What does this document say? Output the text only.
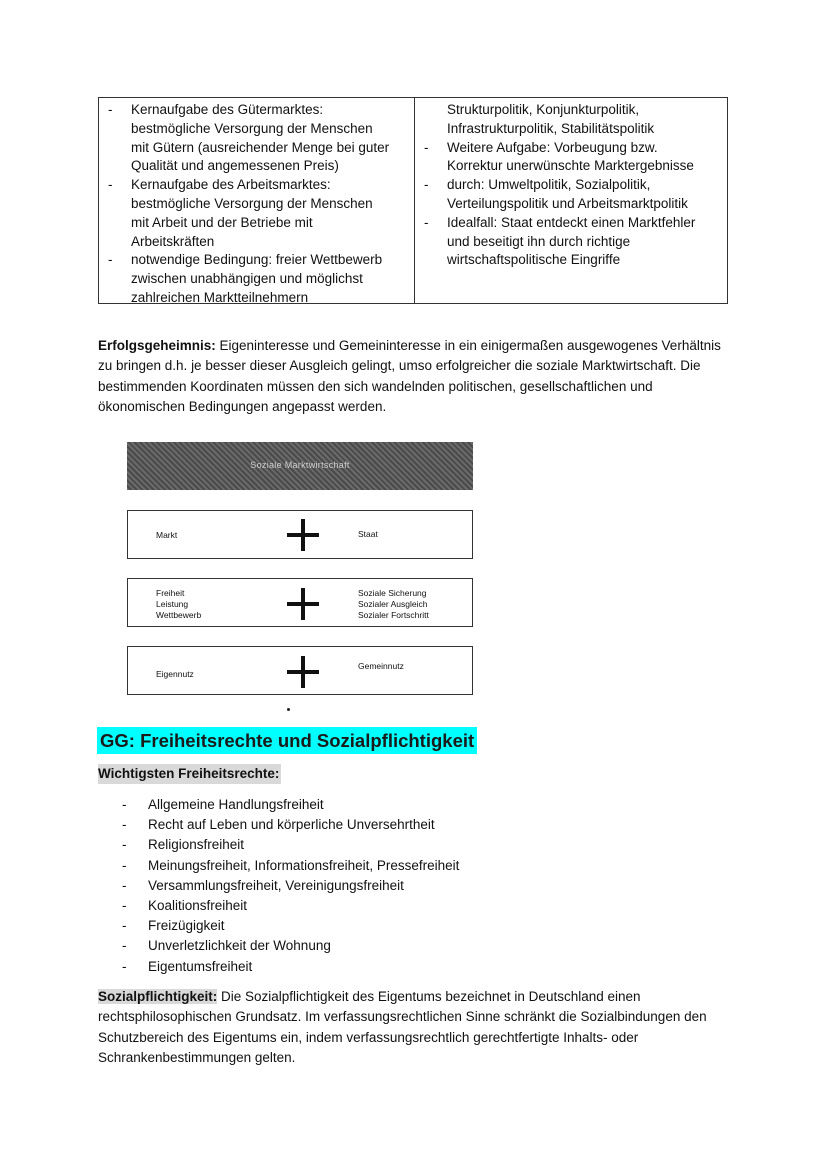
- Kernaufgabe des Gütermarktes:
bestmögliche Versorgung der Menschen
mit Gütern (ausreichender Menge bei guter
Qualität und angemessenen Preis)
- Kernaufgabe des Arbeitsmarktes:
bestmögliche Versorgung der Menschen
mit Arbeit und der Betriebe mit
Arbeitskräften
- notwendige Bedingung: freier Wettbewerb
zwischen unabhängigen und möglichst
zahlreichen Marktteilnehmern
Strukturpolitik, Konjunkturpolitik,
Infrastrukturpolitik, Stabilitätspolitik
- Weitere Aufgabe: Vorbeugung bzw.
Korrektur unerwünschte Marktergebnisse
- durch: Umweltpolitik, Sozialpolitik,
Verteilungspolitik und Arbeitsmarktpolitik
- Idealfall: Staat entdeckt einen Marktfehler
und beseitigt ihn durch richtige
wirtschaftspolitische Eingriffe
Erfolgsgeheimnis: Eigeninteresse und Gemeininteresse in ein einigermaßen ausgewogenes Verhältnis zu bringen d.h. je besser dieser Ausgleich gelingt, umso erfolgreicher die soziale Marktwirtschaft. Die bestimmenden Koordinaten müssen den sich wandelnden politischen, gesellschaftlichen und ökonomischen Bedingungen angepasst werden.
Soziale Marktwirtschaft
Markt	Staat
Freiheit
Leistung
Wettbewerb
Soziale Sicherung
Sozialer Ausgleich
Sozialer Fortschritt
Eigennutz
Gemeinnutz
GG: Freiheitsrechte und Sozialpflichtigkeit
Wichtigsten Freiheitsrechte:
- Allgemeine Handlungsfreiheit
- Recht auf Leben und körperliche Unversehrtheit
- Religionsfreiheit
- Meinungsfreiheit, Informationsfreiheit, Pressefreiheit
- Versammlungsfreiheit, Vereinigungsfreiheit
- Koalitionsfreiheit
- Freizügigkeit
- Unverletzlichkeit der Wohnung
- Eigentumsfreiheit
Sozialpflichtigkeit: Die Sozialpflichtigkeit des Eigentums bezeichnet in Deutschland einen rechtsphilosophischen Grundsatz. Im verfassungsrechtlichen Sinne schränkt die Sozialbindungen den Schutzbereich des Eigentums ein, indem verfassungsrechtlich gerechtfertigte Inhalts- oder Schrankenbestimmungen gelten.
